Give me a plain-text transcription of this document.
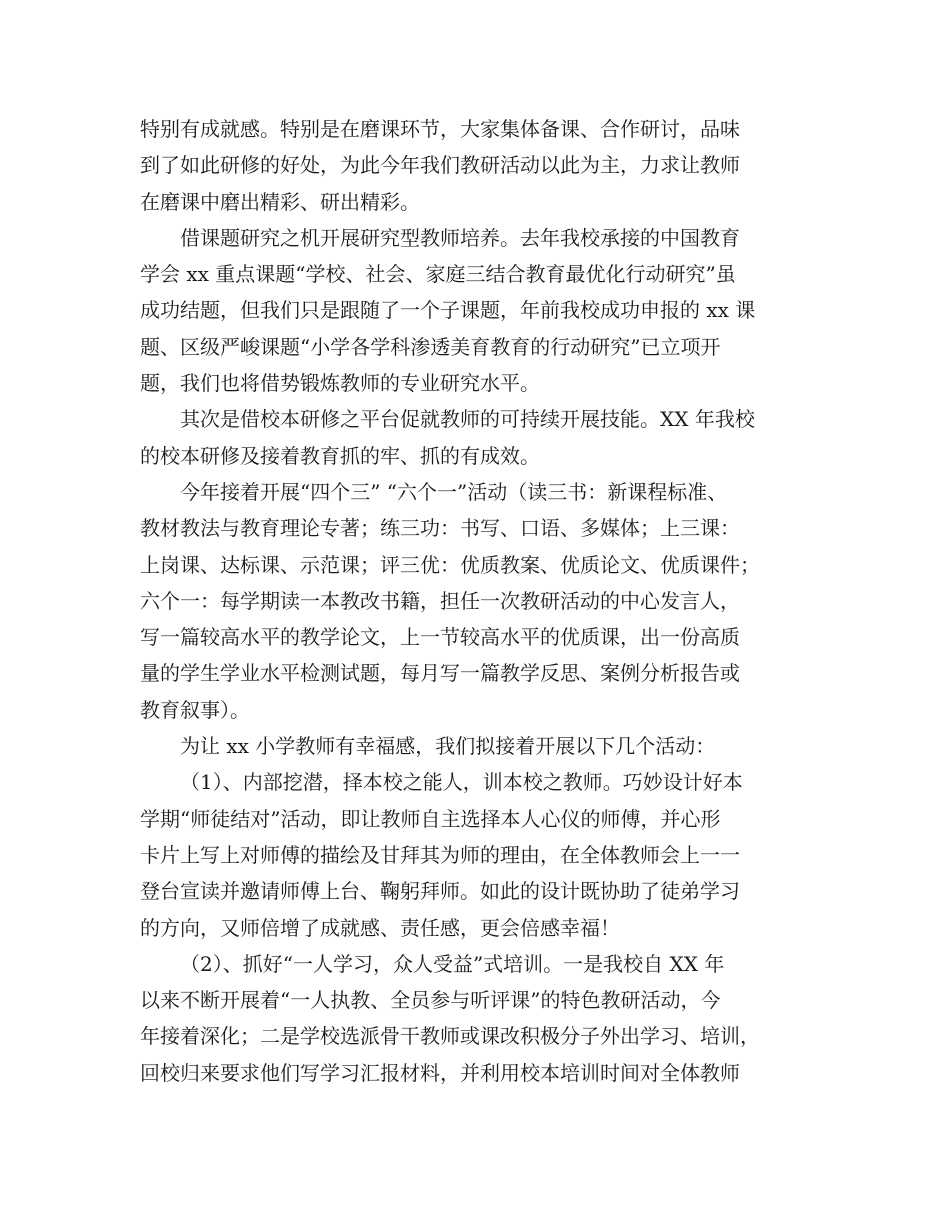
特别有成就感。特别是在磨课环节，大家集体备课、合作研讨，品味
到了如此研修的好处，为此今年我们教研活动以此为主，力求让教师
在磨课中磨出精彩、研出精彩。
借课题研究之机开展研究型教师培养。去年我校承接的中国教育
学会 xx 重点课题“学校、社会、家庭三结合教育最优化行动研究”虽
成功结题，但我们只是跟随了一个子课题，年前我校成功申报的 xx 课
题、区级严峻课题“小学各学科渗透美育教育的行动研究”已立项开
题，我们也将借势锻炼教师的专业研究水平。
其次是借校本研修之平台促就教师的可持续开展技能。XX 年我校
的校本研修及接着教育抓的牢、抓的有成效。
今年接着开展“四个三” “六个一”活动（读三书：新课程标准、
教材教法与教育理论专著；练三功：书写、口语、多媒体；上三课：
上岗课、达标课、示范课；评三优：优质教案、优质论文、优质课件；
六个一：每学期读一本教改书籍，担任一次教研活动的中心发言人，
写一篇较高水平的教学论文，上一节较高水平的优质课，出一份高质
量的学生学业水平检测试题，每月写一篇教学反思、案例分析报告或
教育叙事）。
为让 xx 小学教师有幸福感，我们拟接着开展以下几个活动：
（1）、内部挖潜，择本校之能人，训本校之教师。巧妙设计好本
学期“师徒结对”活动，即让教师自主选择本人心仪的师傅，并心形
卡片上写上对师傅的描绘及甘拜其为师的理由，在全体教师会上一一
登台宣读并邀请师傅上台、鞠躬拜师。如此的设计既协助了徒弟学习
的方向，又师倍增了成就感、责任感，更会倍感幸福！
（2）、抓好“一人学习，众人受益”式培训。一是我校自 XX 年
以来不断开展着“一人执教、全员参与听评课”的特色教研活动，今
年接着深化；二是学校选派骨干教师或课改积极分子外出学习、培训，
回校归来要求他们写学习汇报材料，并利用校本培训时间对全体教师
